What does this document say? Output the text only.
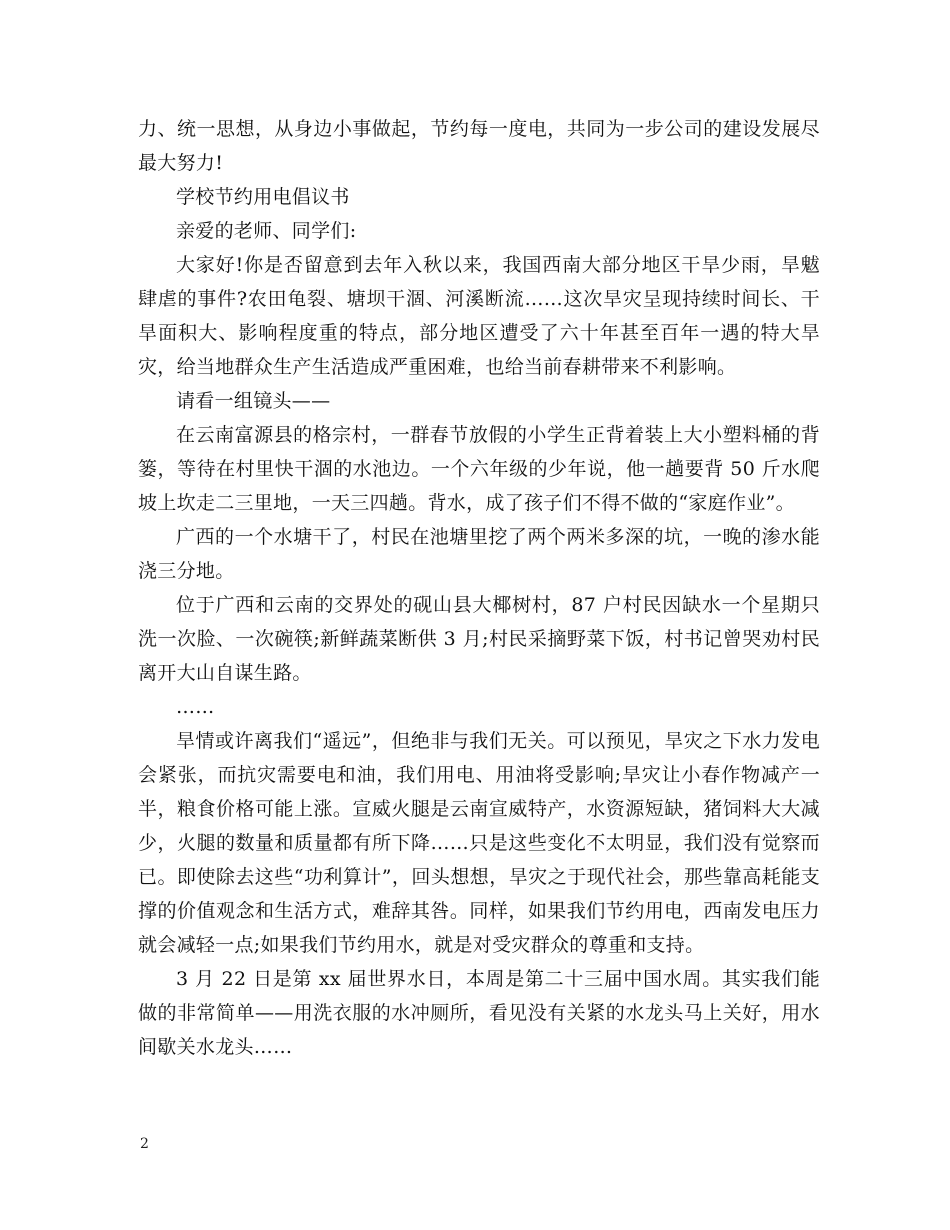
力、统一思想，从身边小事做起，节约每一度电，共同为一步公司的建设发展尽最大努力!

学校节约用电倡议书

亲爱的老师、同学们:

大家好!你是否留意到去年入秋以来，我国西南大部分地区干旱少雨，旱魃肆虐的事件?农田龟裂、塘坝干涸、河溪断流……这次旱灾呈现持续时间长、干旱面积大、影响程度重的特点，部分地区遭受了六十年甚至百年一遇的特大旱灾，给当地群众生产生活造成严重困难，也给当前春耕带来不利影响。

请看一组镜头——

在云南富源县的格宗村，一群春节放假的小学生正背着装上大小塑料桶的背篓，等待在村里快干涸的水池边。一个六年级的少年说，他一趟要背 50 斤水爬坡上坎走二三里地，一天三四趟。背水，成了孩子们不得不做的“家庭作业”。

广西的一个水塘干了，村民在池塘里挖了两个两米多深的坑，一晚的渗水能浇三分地。

位于广西和云南的交界处的砚山县大椰树村，87 户村民因缺水一个星期只洗一次脸、一次碗筷;新鲜蔬菜断供 3 月;村民采摘野菜下饭，村书记曾哭劝村民离开大山自谋生路。

……

旱情或许离我们“遥远”，但绝非与我们无关。可以预见，旱灾之下水力发电会紧张，而抗灾需要电和油，我们用电、用油将受影响;旱灾让小春作物减产一半，粮食价格可能上涨。宣威火腿是云南宣威特产，水资源短缺，猪饲料大大减少，火腿的数量和质量都有所下降……只是这些变化不太明显，我们没有觉察而已。即使除去这些“功利算计”，回头想想，旱灾之于现代社会，那些靠高耗能支撑的价值观念和生活方式，难辞其咎。同样，如果我们节约用电，西南发电压力就会减轻一点;如果我们节约用水，就是对受灾群众的尊重和支持。

3 月 22 日是第 xx 届世界水日，本周是第二十三届中国水周。其实我们能做的非常简单——用洗衣服的水冲厕所，看见没有关紧的水龙头马上关好，用水间歇关水龙头……

2
